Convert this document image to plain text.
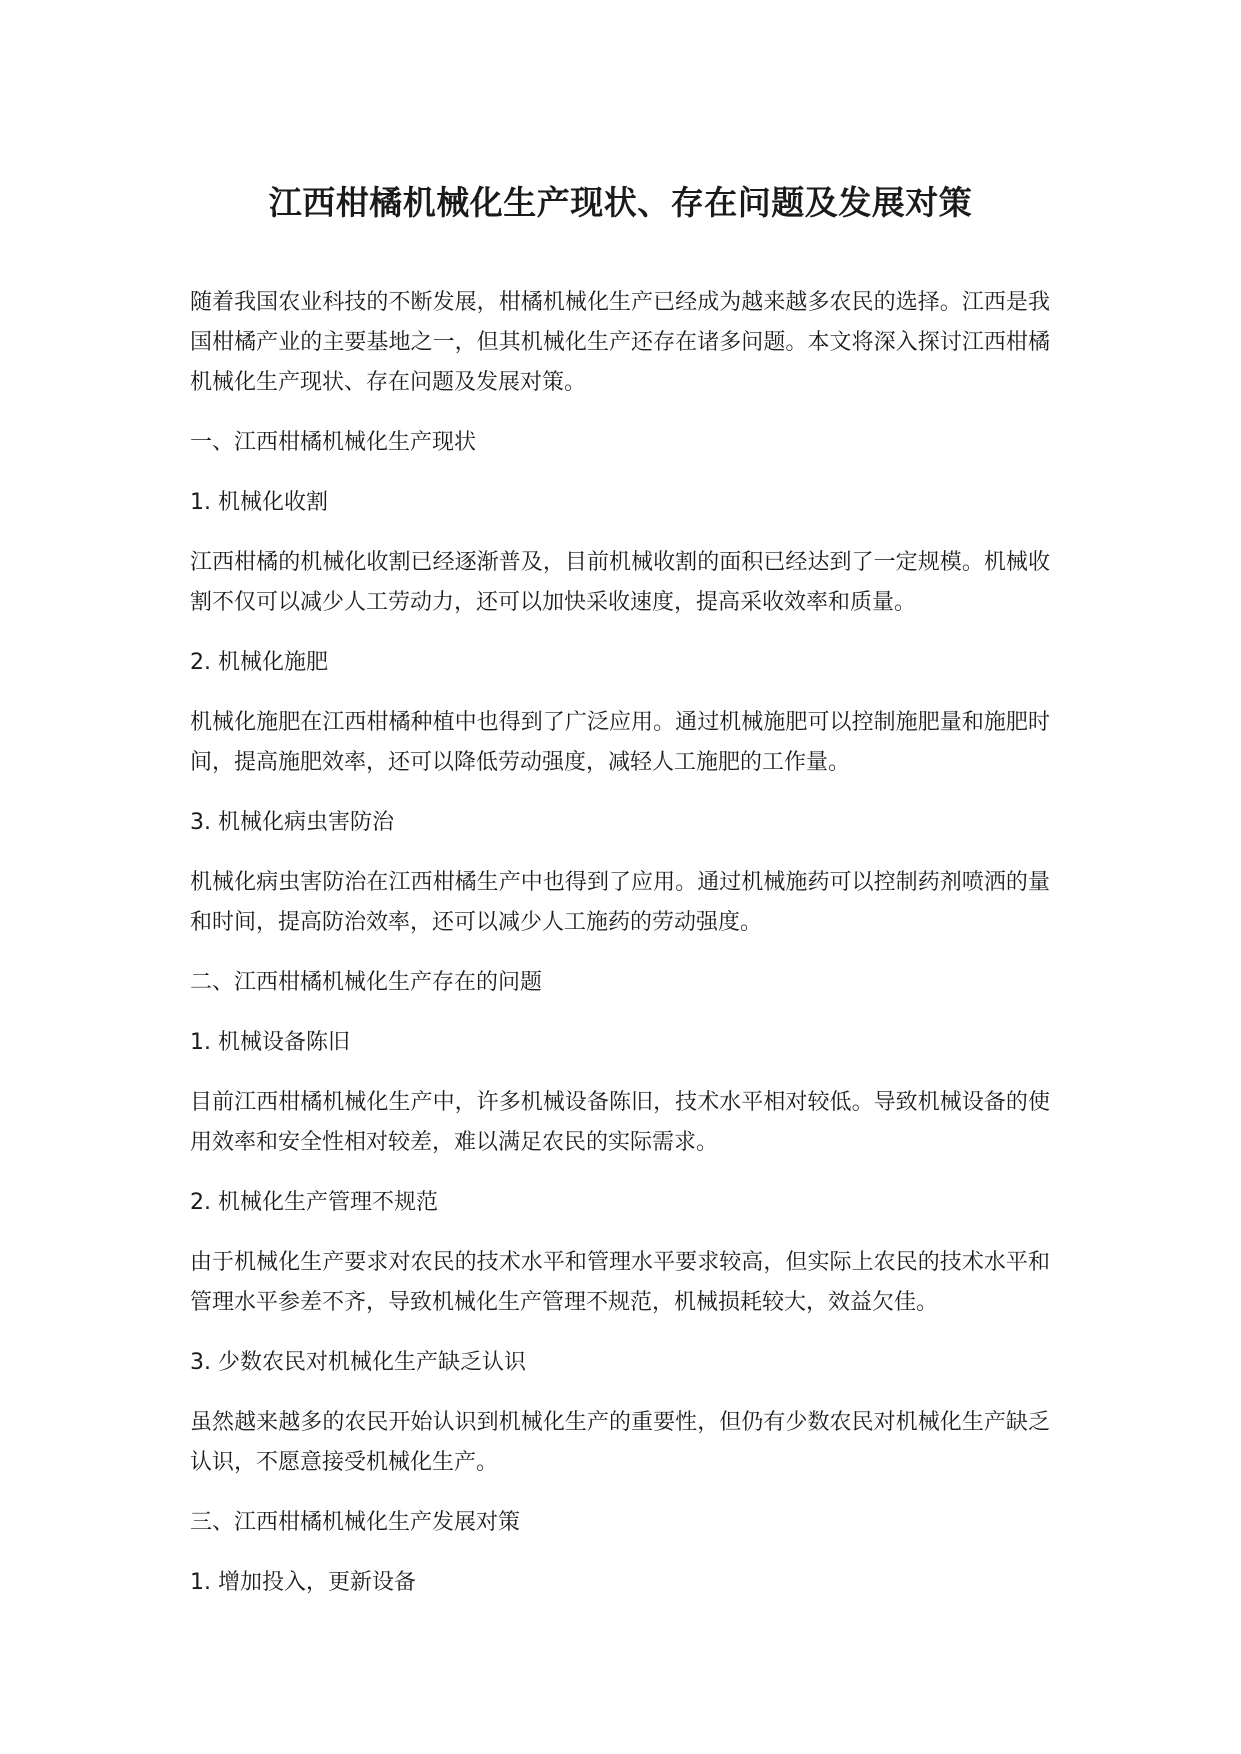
江西柑橘机械化生产现状、存在问题及发展对策

随着我国农业科技的不断发展，柑橘机械化生产已经成为越来越多农民的选择。江西是我国柑橘产业的主要基地之一，但其机械化生产还存在诸多问题。本文将深入探讨江西柑橘机械化生产现状、存在问题及发展对策。

一、江西柑橘机械化生产现状

1. 机械化收割

江西柑橘的机械化收割已经逐渐普及，目前机械收割的面积已经达到了一定规模。机械收割不仅可以减少人工劳动力，还可以加快采收速度，提高采收效率和质量。

2. 机械化施肥

机械化施肥在江西柑橘种植中也得到了广泛应用。通过机械施肥可以控制施肥量和施肥时间，提高施肥效率，还可以降低劳动强度，减轻人工施肥的工作量。

3. 机械化病虫害防治

机械化病虫害防治在江西柑橘生产中也得到了应用。通过机械施药可以控制药剂喷洒的量和时间，提高防治效率，还可以减少人工施药的劳动强度。

二、江西柑橘机械化生产存在的问题

1. 机械设备陈旧

目前江西柑橘机械化生产中，许多机械设备陈旧，技术水平相对较低。导致机械设备的使用效率和安全性相对较差，难以满足农民的实际需求。

2. 机械化生产管理不规范

由于机械化生产要求对农民的技术水平和管理水平要求较高，但实际上农民的技术水平和管理水平参差不齐，导致机械化生产管理不规范，机械损耗较大，效益欠佳。

3. 少数农民对机械化生产缺乏认识

虽然越来越多的农民开始认识到机械化生产的重要性，但仍有少数农民对机械化生产缺乏认识，不愿意接受机械化生产。

三、江西柑橘机械化生产发展对策

1. 增加投入，更新设备
